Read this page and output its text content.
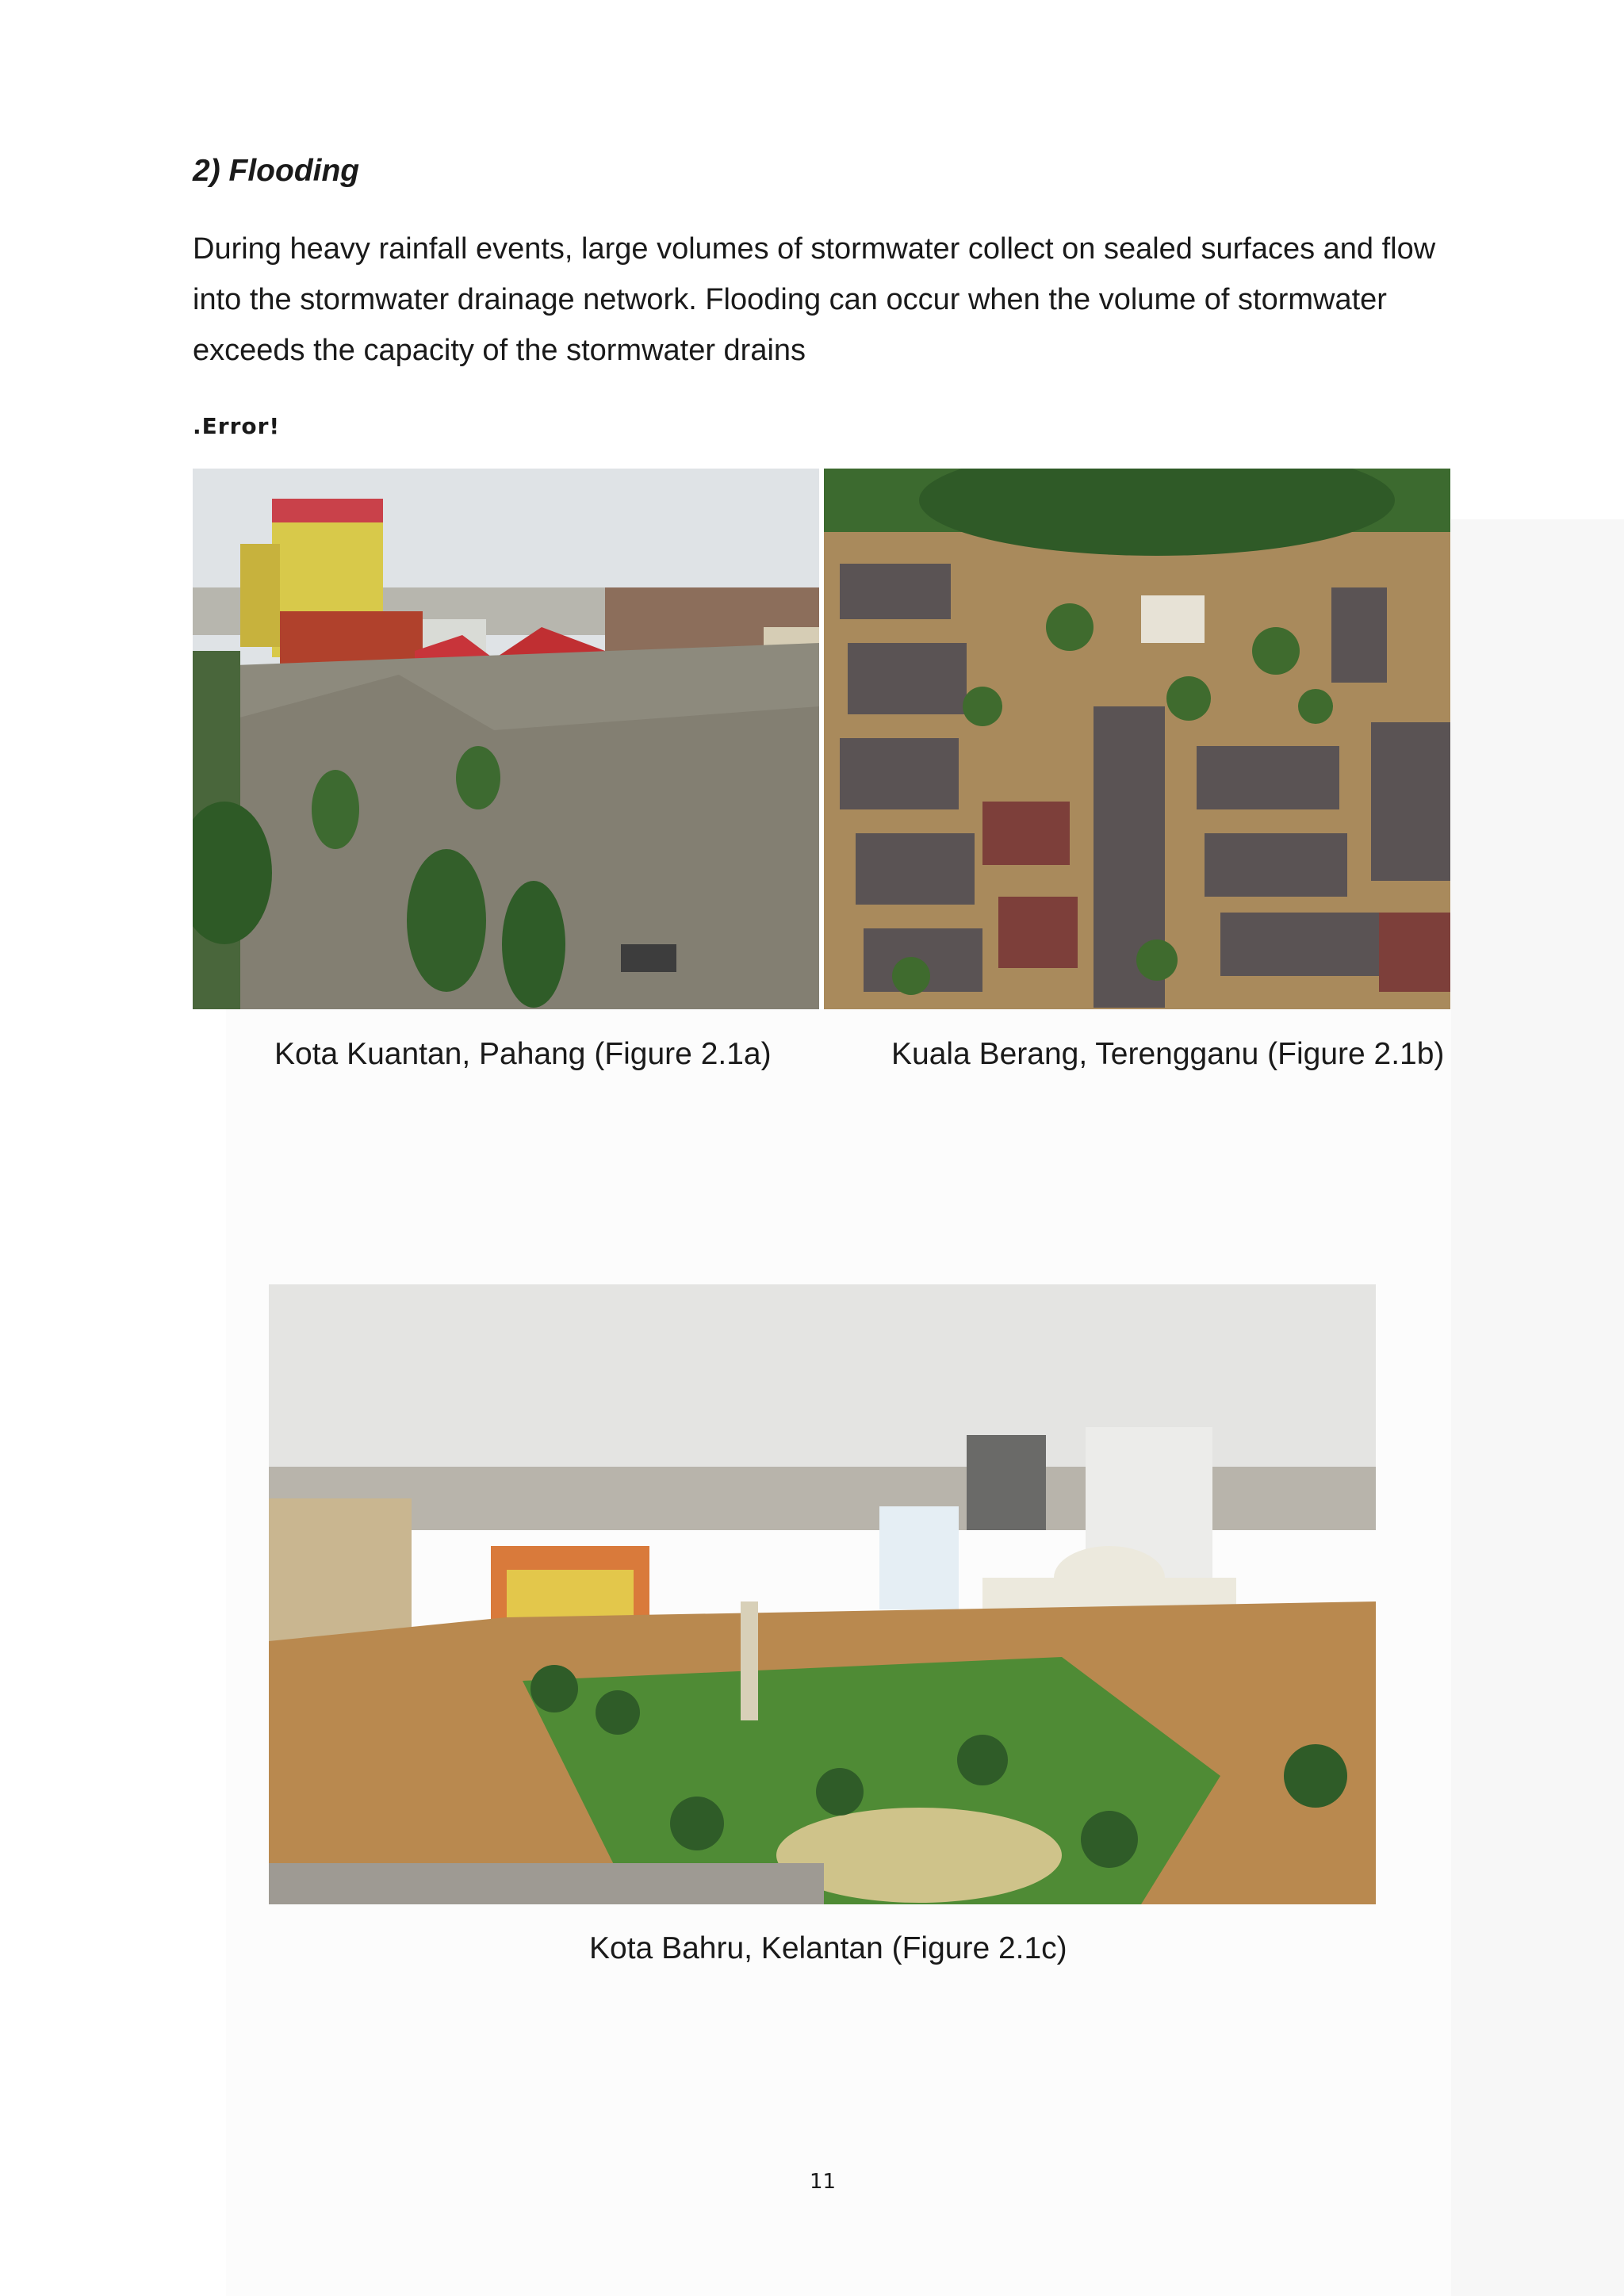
2) Flooding

During heavy rainfall events, large volumes of stormwater collect on sealed surfaces and flow into the stormwater drainage network. Flooding can occur when the volume of stormwater exceeds the capacity of the stormwater drains

.Error!

Kota Kuantan, Pahang (Figure 2.1a)	Kuala Berang, Terengganu (Figure 2.1b)

Kota Bahru, Kelantan (Figure 2.1c)

11
